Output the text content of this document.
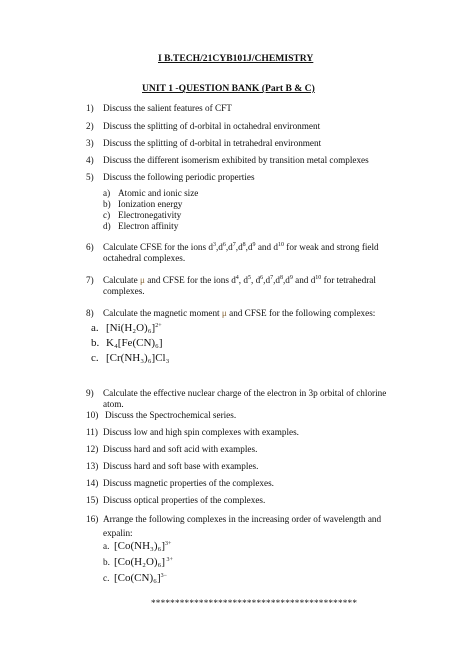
I B.TECH/21CYB101J/CHEMISTRY
UNIT 1 -QUESTION BANK (Part B & C)
1) Discuss the salient features of CFT
2) Discuss the splitting of d-orbital in octahedral environment
3) Discuss the splitting of d-orbital in tetrahedral environment
4) Discuss the different isomerism exhibited by transition metal complexes
5) Discuss the following periodic properties
a) Atomic and ionic size
b) Ionization energy
c) Electronegativity
d) Electron affinity
6) Calculate CFSE for the ions $d^3,d^6,d^7,d^8,d^9$ and $d^{10}$ for weak and strong field
octahedral complexes.
7) Calculate μ and CFSE for the ions $d^4$, $d^5$, $d^6,d^7,d^8,d^9$ and $d^{10}$ for tetrahedral
complexes.
8) Calculate the magnetic moment μ and CFSE for the following complexes:
a. $[Ni(H_2O)_6]^{2+}$
b. K₄[Fe(CN)₆]
c. [Cr(NH₃)₆]Cl₃
9) Calculate the effective nuclear charge of the electron in 3p orbital of chlorine
atom.
10) Discuss the Spectrochemical series.
11) Discuss low and high spin complexes with examples.
12) Discuss hard and soft acid with examples.
13) Discuss hard and soft base with examples.
14) Discuss magnetic properties of the complexes.
15) Discuss optical properties of the complexes.
16) Arrange the following complexes in the increasing order of wavelength and
expalin:
a. $[Co(NH_3)_6]^{3+}$
b. [Co(H₂O)₆] $^{3+}$
c. $[Co(CN)_6]^{3-}$
*******************************************
